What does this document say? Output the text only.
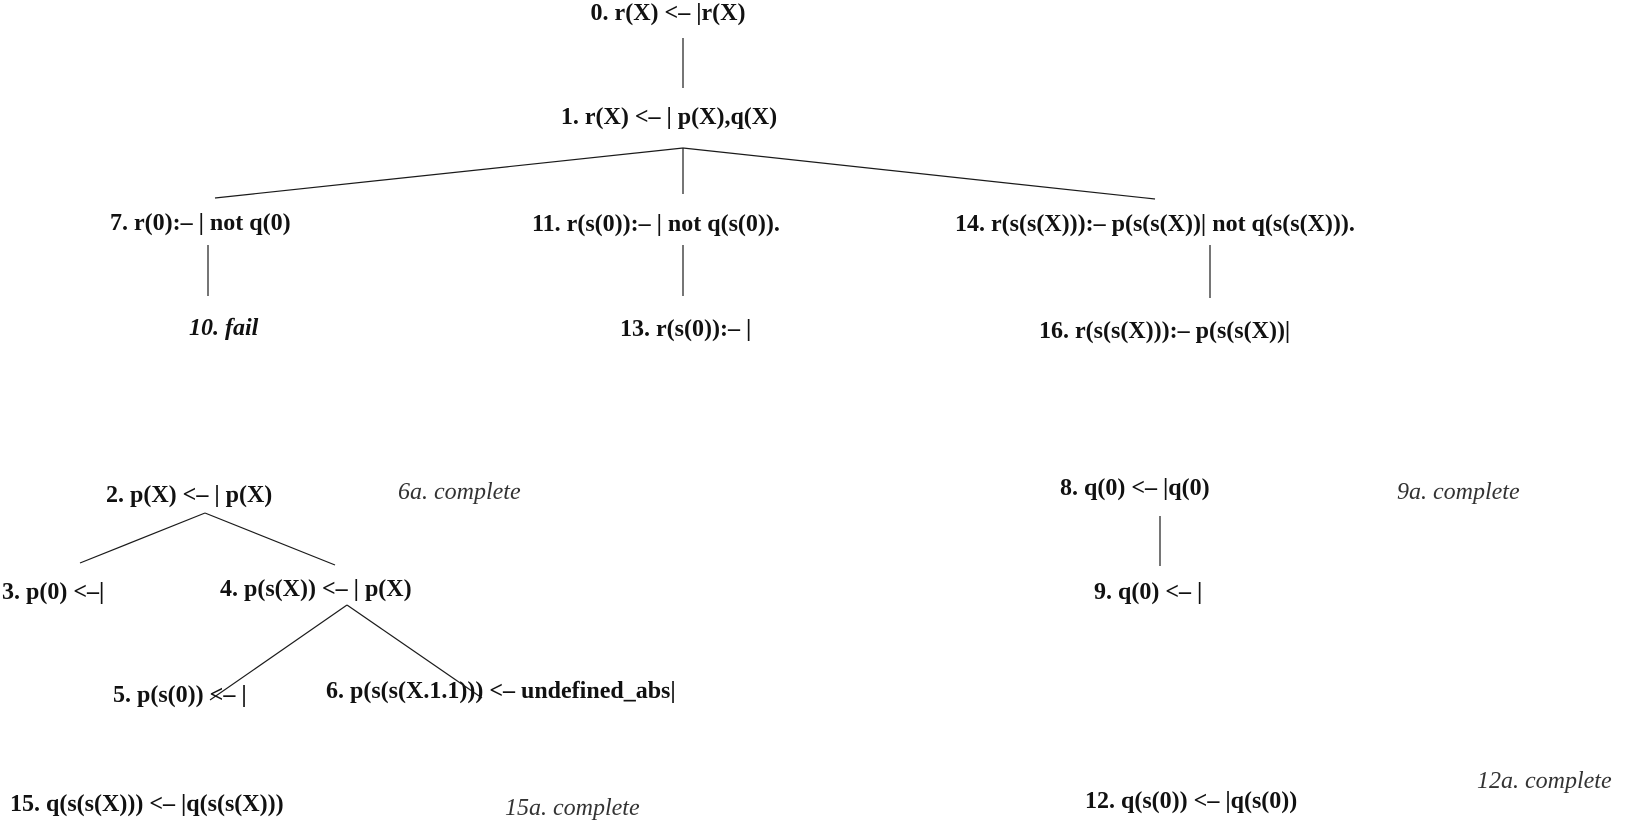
0. r(X) <– |r(X)
1. r(X) <– | p(X),q(X)
7. r(0):– | not q(0)
10. fail
11. r(s(0)):– | not q(s(0)).
13. r(s(0)):– |
14. r(s(s(X))):– p(s(s(X))| not q(s(s(X))).
16. r(s(s(X))):– p(s(s(X))|
2. p(X) <– | p(X)	6a. complete
3. p(0) <–|	4. p(s(X)) <– | p(X)
5. p(s(0)) <– |	6. p(s(s(X.1.1))) <– undefined_abs|
8. q(0) <– |q(0)	9a. complete
9. q(0) <– |
15. q(s(s(X))) <– |q(s(s(X)))	15a. complete	12. q(s(0)) <– |q(s(0))
12a. complete
